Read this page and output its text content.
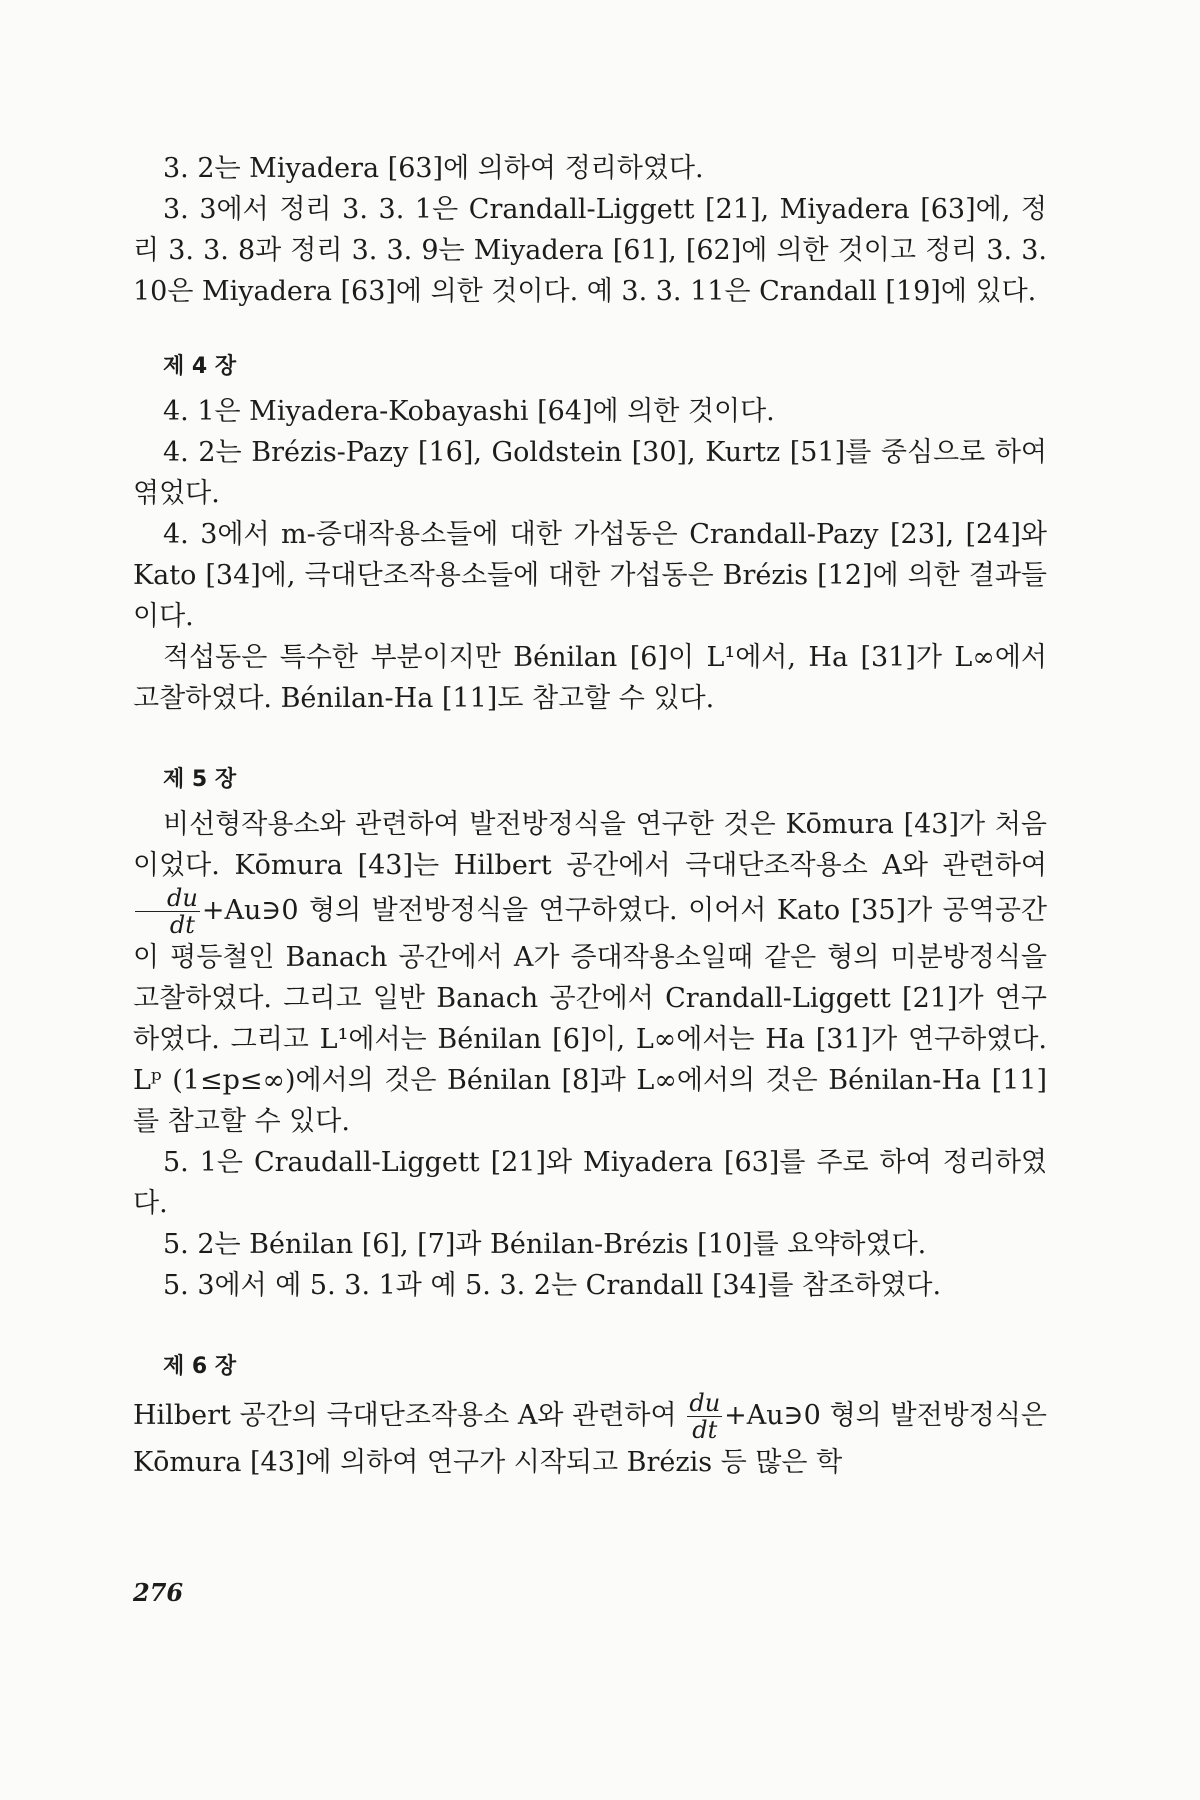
3. 2는 Miyadera [63]에 의하여 정리하였다.

3. 3에서 정리 3. 3. 1은 Crandall-Liggett [21], Miyadera [63]에, 정리 3. 3. 8과 정리 3. 3. 9는 Miyadera [61], [62]에 의한 것이고 정리 3. 3. 10은 Miyadera [63]에 의한 것이다. 예 3. 3. 11은 Crandall [19]에 있다.

제 4 장

4. 1은 Miyadera-Kobayashi [64]에 의한 것이다.

4. 2는 Brézis-Pazy [16], Goldstein [30], Kurtz [51]를 중심으로 하여 엮었다.

4. 3에서 m-증대작용소들에 대한 가섭동은 Crandall-Pazy [23], [24]와 Kato [34]에, 극대단조작용소들에 대한 가섭동은 Brézis [12]에 의한 결과들이다.

적섭동은 특수한 부분이지만 Bénilan [6]이 L¹에서, Ha [31]가 L∞에서 고찰하였다. Bénilan-Ha [11]도 참고할 수 있다.

제 5 장

비선형작용소와 관련하여 발전방정식을 연구한 것은 Kōmura [43]가 처음이었다. Kōmura [43]는 Hilbert 공간에서 극대단조작용소 A와 관련하여
$\frac{du}{dt}$ +Au∋0 형의 발전방정식을 연구하였다. 이어서 Kato [35]가 공역공간이 평등철인 Banach 공간에서 A가 증대작용소일때 같은 형의 미분방정식을 고찰하였다. 그리고 일반 Banach 공간에서 Crandall-Liggett [21]가 연구하였다. 그리고 L¹에서는 Bénilan [6]이, L∞에서는 Ha [31]가 연구하였다. Lᵖ (1≤p≤∞)에서의 것은 Bénilan [8]과 L∞에서의 것은 Bénilan-Ha [11]를 참고할 수 있다.

5. 1은 Craudall-Liggett [21]와 Miyadera [63]를 주로 하여 정리하였다.

5. 2는 Bénilan [6], [7]과 Bénilan-Brézis [10]를 요약하였다.

5. 3에서 예 5. 3. 1과 예 5. 3. 2는 Crandall [34]를 참조하였다.

제 6 장

Hilbert 공간의 극대단조작용소 A와 관련하여 $\frac{du}{dt}$ +Au∋0 형의 발전방정식은 Kōmura [43]에 의하여 연구가 시작되고 Brézis 등 많은 학

276
